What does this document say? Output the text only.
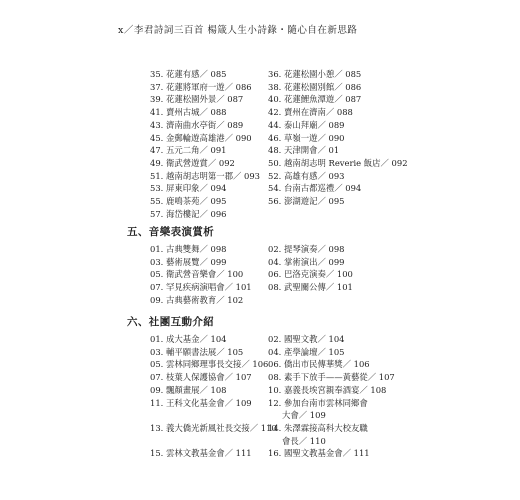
x／李君詩詞三百首 楊箴人生小詩錄・隨心自在新思路
35. 花蓮有感／ 085
37. 花蓮將軍府一遊／ 086
39. 花蓮松園外景／ 087
41. 賣州古城／ 088
43. 濟南曲水亭街／ 089
45. 金郵輪遊高雄港／ 090
47. 五元二角／ 091
49. 衛武營遊賞／ 092
51. 越南胡志明第一郡／ 093
53. 屏東印象／ 094
55. 鹿鳴茶苑／ 095
57. 海岱樓記／ 096
36. 花蓮松園小憩／ 085
38. 花蓮松園別館／ 086
40. 花蓮鯉魚潭遊／ 087
42. 賣州在濟南／ 088
44. 泰山拜廟／ 089
46. 草嶺一遊／ 090
48. 天津開會／ 01
50. 越南胡志明 Reverie 飯店／ 092
52. 高雄有感／ 093
54. 台南古都巡禮／ 094
56. 澎湖遊記／ 095
五、音樂表演賞析
01. 古典雙舞／ 098
03. 藝術展覽／ 099
05. 衛武營音樂會／ 100
07. 罕見疾病演唱會／ 101
09. 古典藝術教育／ 102
02. 提琴演奏／ 098
04. 掌術演出／ 099
06. 巴洛克演奏／ 100
08. 武聖關公傳／ 101
六、社團互動介紹
01. 成大基金／ 104
03. 輔平願書法展／ 105
05. 雲林同鄉理事長交接／ 106
07. 枝葉人保護協會／ 107
09. 飄顏畫展／ 108
11. 王科文化基金會／ 109

13. 義大僑光新風社長交接／ 110

15. 雲林文教基金會／ 111
02. 國聖文教／ 104
04. 產學論壇／ 105
06. 僑出市民傳華獎／ 106
08. 素手下放手——黃藝從／ 107
10. 嘉義長埃宮親奉酒宴／ 108
12. 參加台南市雲林同鄉會
大會／ 109
14. 朱澤霖接高科大校友職
會長／ 110
16. 國聖文教基金會／ 111
